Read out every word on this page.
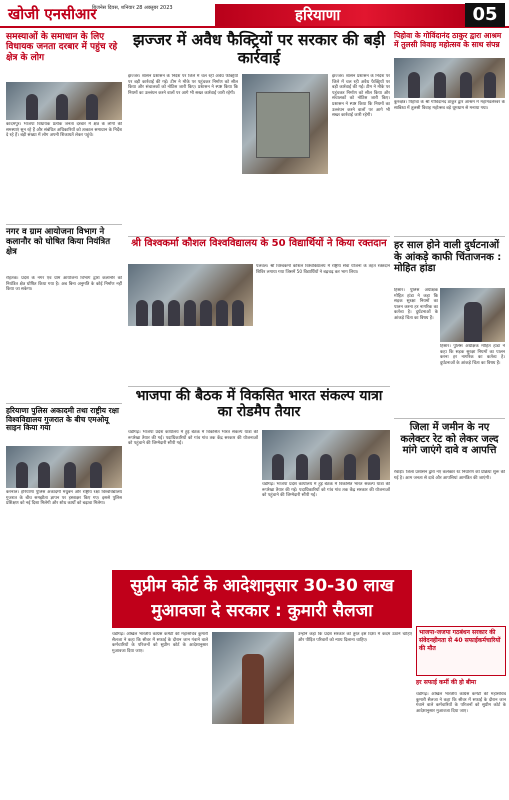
खोजी एनसीआर
बिजनेस दिवस, शनिवार 28 अक्तूबर 2023	हरियाणा	05
समस्याओं के समाधान के लिए विधायक जनता दरबार में पहुंच रहे क्षेत्र के लोग
कादमपुर। भाजपा विधायक प्रत्येक जनता दरबार में क्षेत्र के लोगों की समस्याएं सुन रहे हैं और संबंधित अधिकारियों को तत्काल समाधान के निर्देश दे रहे हैं। बड़ी संख्या में लोग अपनी शिकायतें लेकर पहुंचे।
नगर व ग्राम आयोजना विभाग ने कलानौर को घोषित किया नियंत्रित क्षेत्र
रोहतक। प्रदेश के नगर एवं ग्राम आयोजना विभाग द्वारा कलानौर को नियंत्रित क्षेत्र घोषित किया गया है। अब बिना अनुमति के कोई निर्माण नहीं किया जा सकेगा।
हरियाणा पुलिस अकादमी तथा राष्ट्रीय रक्षा विश्वविद्यालय गुजरात के बीच एमओयू साइन किया गया
करनाल। हरियाणा पुलिस अकादमी मधुबन और राष्ट्रीय रक्षा विश्वविद्यालय गुजरात के बीच समझौता ज्ञापन पर हस्ताक्षर किए गए। इससे पुलिस प्रशिक्षण को नई दिशा मिलेगी और शोध कार्यों को बढ़ावा मिलेगा।
झज्जर में अवैध फैक्ट्रियों पर सरकार की बड़ी कार्रवाई
झज्जर। शासन प्रशासन के निर्देश पर जिले में चल रही अवैध फैक्ट्रियों पर बड़ी कार्रवाई की गई। टीम ने मौके पर पहुंचकर निर्माण को सील किया और संचालकों को नोटिस जारी किए। प्रशासन ने स्पष्ट किया कि नियमों का उल्लंघन करने वालों पर आगे भी सख्त कार्रवाई जारी रहेगी।
झज्जर। शासन प्रशासन के निर्देश पर जिले में चल रही अवैध फैक्ट्रियों पर बड़ी कार्रवाई की गई। टीम ने मौके पर पहुंचकर निर्माण को सील किया और संचालकों को नोटिस जारी किए। प्रशासन ने स्पष्ट किया कि नियमों का उल्लंघन करने वालों पर आगे भी सख्त कार्रवाई जारी रहेगी।
श्री विश्वकर्मा कौशल विश्वविद्यालय के 50 विद्यार्थियों ने किया रक्तदान
पलवल। श्री विश्वकर्मा कौशल विश्वविद्यालय में राष्ट्रीय सेवा योजना के तहत रक्तदान शिविर लगाया गया जिसमें 50 विद्यार्थियों ने बढ़चढ़ कर भाग लिया।
भाजपा की बैठक में विकसित भारत संकल्प यात्रा का रोडमैप तैयार
चंडीगढ़। भाजपा प्रदेश कार्यालय में हुई बैठक में विकसित भारत संकल्प यात्रा की रूपरेखा तैयार की गई। पदाधिकारियों को गांव गांव तक केंद्र सरकार की योजनाओं को पहुंचाने की जिम्मेदारी सौंपी गई।
चंडीगढ़। भाजपा प्रदेश कार्यालय में हुई बैठक में विकसित भारत संकल्प यात्रा की रूपरेखा तैयार की गई। पदाधिकारियों को गांव गांव तक केंद्र सरकार की योजनाओं को पहुंचाने की जिम्मेदारी सौंपी गई।
पिहोवा के गोविंदानंद ठाकुर द्वारा आश्रम में तुलसी विवाह महोत्सव के साथ संपन्न
कुरुक्षेत्र। पिहोवा के श्री गोविंदानंद ठाकुर द्वार आश्रम में महामंडलेश्वर के सान्निध्य में तुलसी विवाह महोत्सव बड़े धूमधाम से मनाया गया।
हर साल होने वाली दुर्घटनाओं के आंकड़े काफी चिंताजनक : मोहित हांडा
हिसार। पुलिस अधीक्षक मोहित हांडा ने कहा कि सड़क सुरक्षा नियमों का पालन करना हर नागरिक का कर्तव्य है। दुर्घटनाओं के आंकड़े चिंता का विषय हैं।
हिसार। पुलिस अधीक्षक मोहित हांडा ने कहा कि सड़क सुरक्षा नियमों का पालन करना हर नागरिक का कर्तव्य है। दुर्घटनाओं के आंकड़े चिंता का विषय हैं।
जिला में जमीन के नए कलेक्टर रेट को लेकर जल्द मांगे जाएंगे दावे व आपत्ति
रेवाड़ी। जिला प्रशासन द्वारा नए कलेक्टर रेट निर्धारण की प्रक्रिया शुरू की गई है। आम जनता से दावे और आपत्तियां आमंत्रित की जाएंगी।
सुप्रीम कोर्ट के आदेशानुसार 30-30 लाख
मुआवजा दे सरकार : कुमारी सैलजा
चंडीगढ़। अखिल भारतीय कांग्रेस कमेटी की महासचिव कुमारी सैलजा ने कहा कि सीवर में सफाई के दौरान जान गंवाने वाले कर्मचारियों के परिजनों को सुप्रीम कोर्ट के आदेशानुसार मुआवजा दिया जाए।
उन्होंने कहा कि प्रदेश सरकार को तुरंत इस दिशा में कदम उठाने चाहिए और पीड़ित परिवारों को न्याय दिलाना चाहिए।
भाजपा-जजपा गठबंधन सरकार की संवेदनहीनता से 40 सफाईकर्मचारियों की मौत
हर सफाई कर्मी की हो बीमा
चंडीगढ़। अखिल भारतीय कांग्रेस कमेटी की महासचिव कुमारी सैलजा ने कहा कि सीवर में सफाई के दौरान जान गंवाने वाले कर्मचारियों के परिजनों को सुप्रीम कोर्ट के आदेशानुसार मुआवजा दिया जाए।
